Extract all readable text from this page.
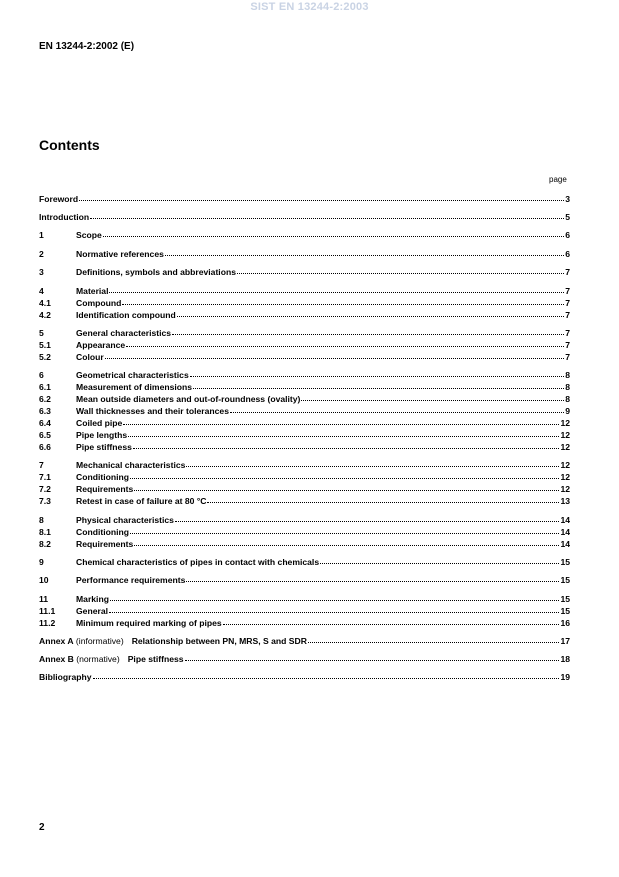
SIST EN 13244-2:2003
EN 13244-2:2002 (E)
Contents
page
Foreword	3
Introduction	5
1	Scope	6
2	Normative references	6
3	Definitions, symbols and abbreviations	7
4	Material	7
4.1	Compound	7
4.2	Identification compound	7
5	General characteristics	7
5.1	Appearance	7
5.2	Colour	7
6	Geometrical characteristics	8
6.1	Measurement of dimensions	8
6.2	Mean outside diameters and out-of-roundness (ovality)	8
6.3	Wall thicknesses and their tolerances	9
6.4	Coiled pipe	12
6.5	Pipe lengths	12
6.6	Pipe stiffness	12
7	Mechanical characteristics	12
7.1	Conditioning	12
7.2	Requirements	12
7.3	Retest in case of failure at 80 °C	13
8	Physical characteristics	14
8.1	Conditioning	14
8.2	Requirements	14
9	Chemical characteristics of pipes in contact with chemicals	15
10	Performance requirements	15
11	Marking	15
11.1	General	15
11.2	Minimum required marking of pipes	16
Annex A (informative) Relationship between PN, MRS, S and SDR	17
Annex B (normative) Pipe stiffness	18
Bibliography	19
2
